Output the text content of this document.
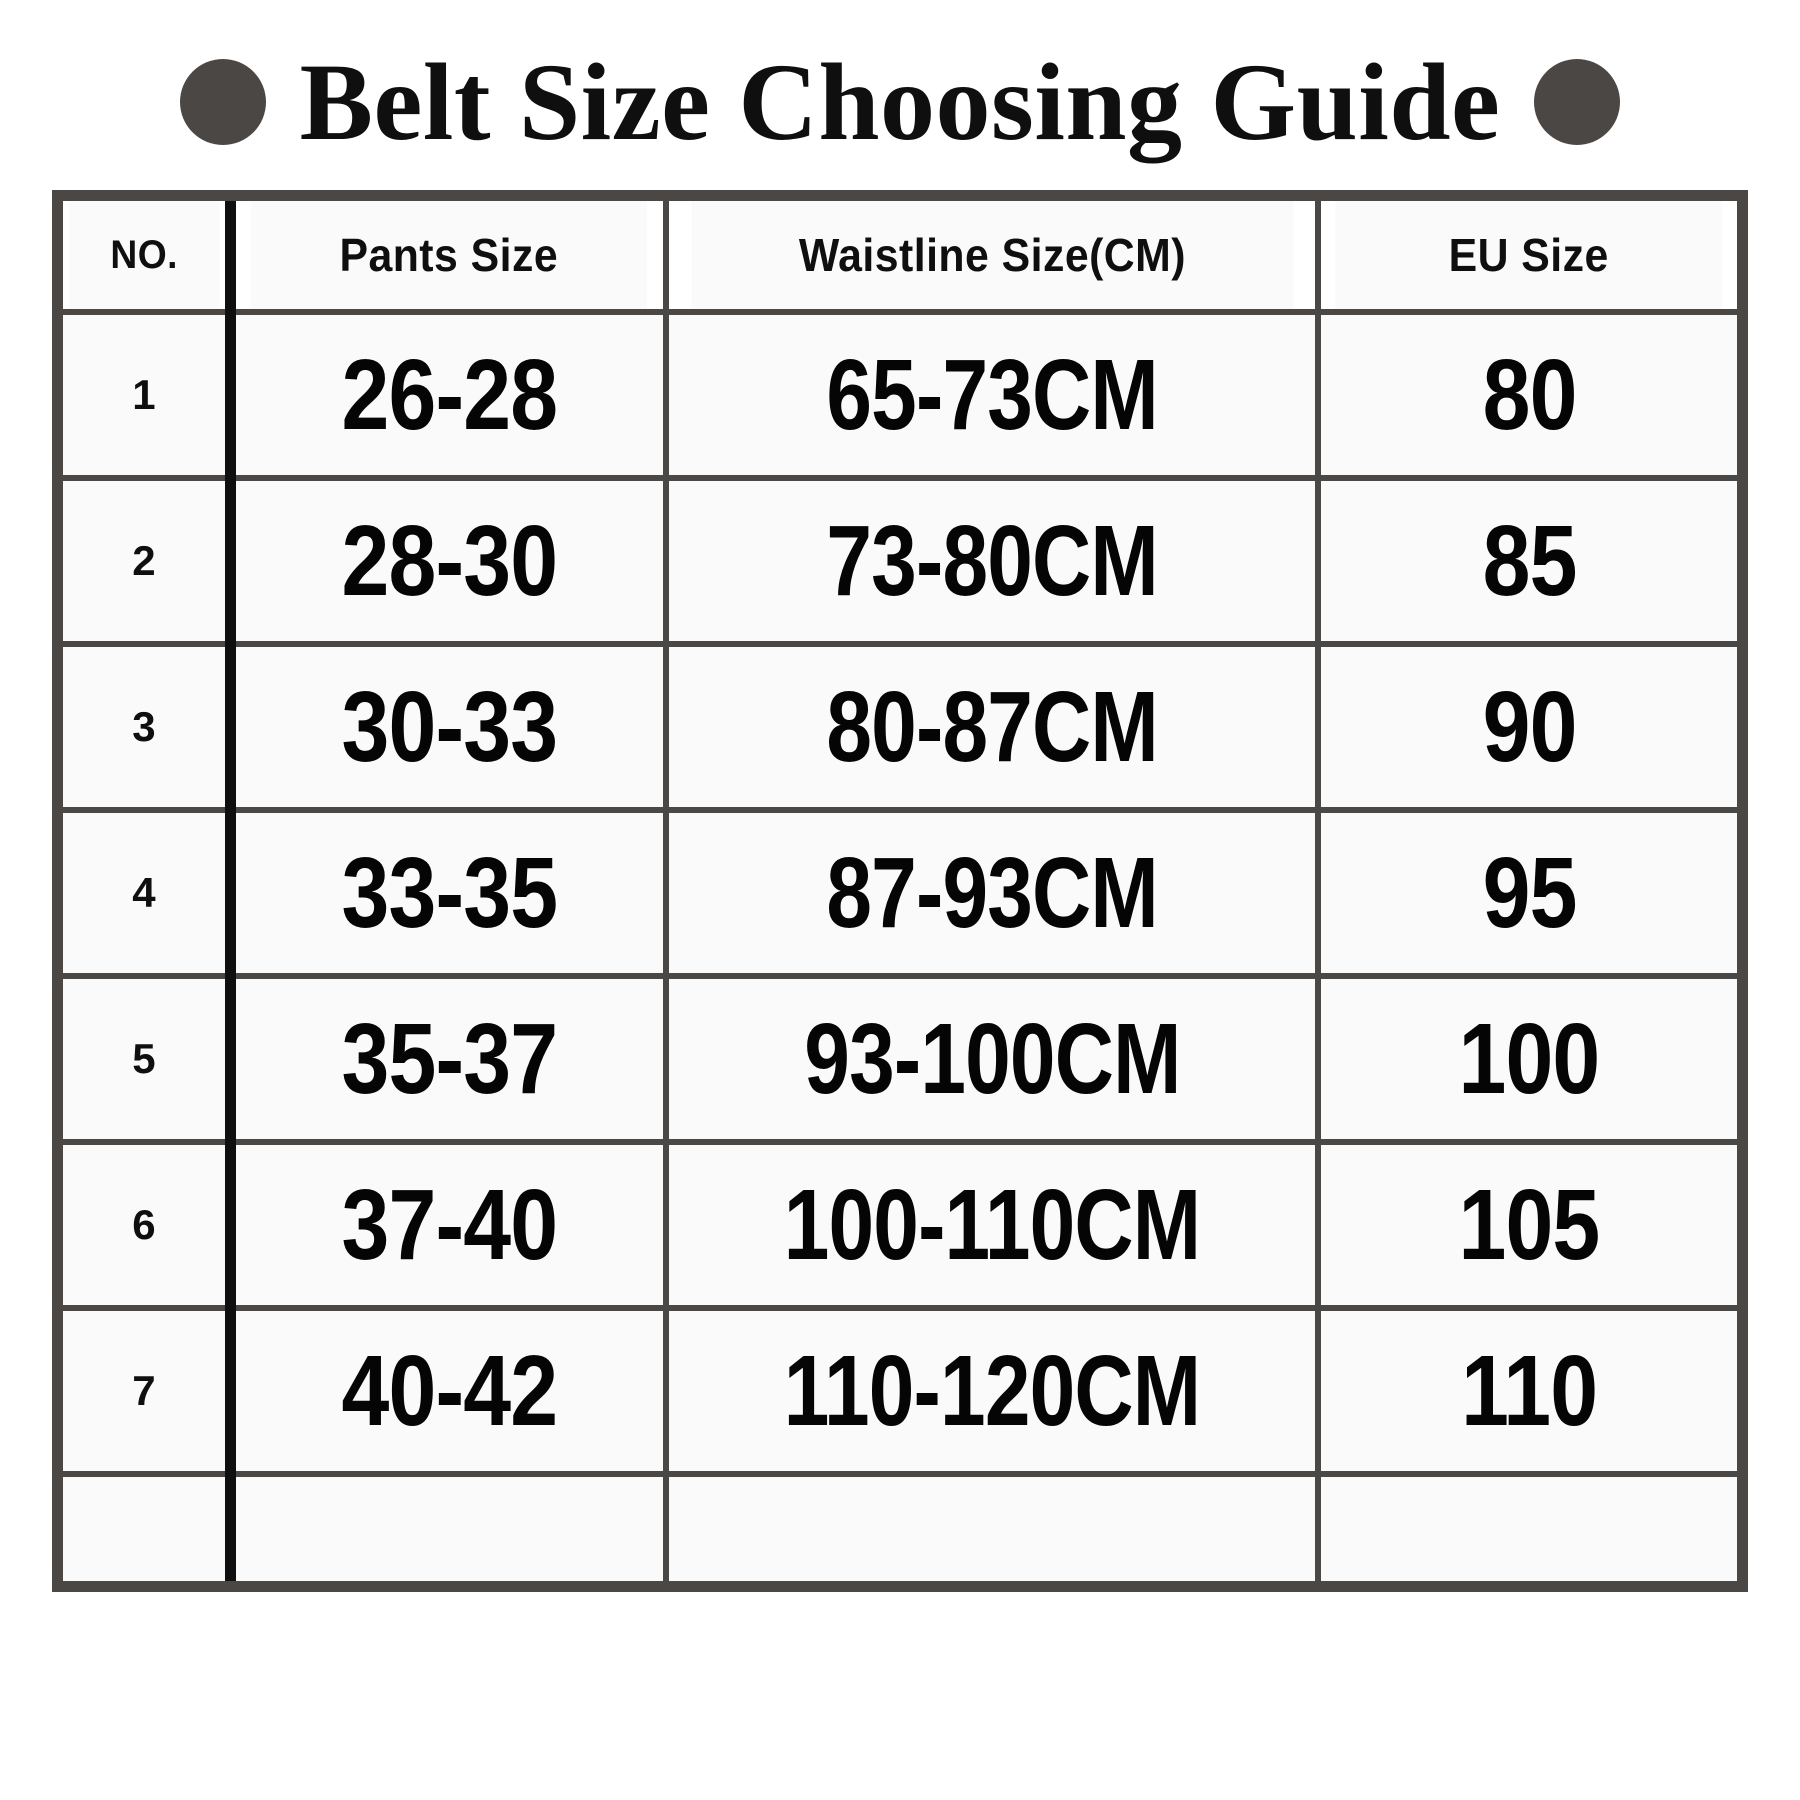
Belt Size Choosing Guide
NO.	Pants Size	Waistline Size(CM)	EU Size
1	26-28	65-73CM	80
2	28-30	73-80CM	85
3	30-33	80-87CM	90
4	33-35	87-93CM	95
5	35-37	93-100CM	100
6	37-40	100-110CM	105
7	40-42	110-120CM	110
